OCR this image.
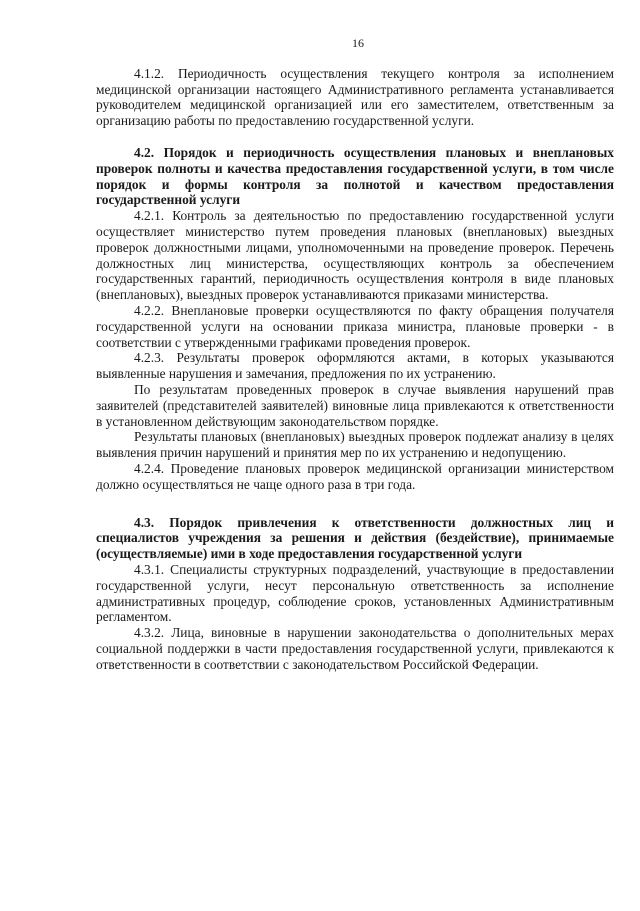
16

4.1.2. Периодичность осуществления текущего контроля за исполнением медицинской организации настоящего Административного регламента устанавливается руководителем медицинской организацией или его заместителем, ответственным за организацию работы по предоставлению государственной услуги.

4.2. Порядок и периодичность осуществления плановых и внеплановых проверок полноты и качества предоставления государственной услуги, в том числе порядок и формы контроля за полнотой и качеством предоставления государственной услуги

4.2.1. Контроль за деятельностью по предоставлению государственной услуги осуществляет министерство путем проведения плановых (внеплановых) выездных проверок должностными лицами, уполномоченными на проведение проверок. Перечень должностных лиц министерства, осуществляющих контроль за обеспечением государственных гарантий, периодичность осуществления контроля в виде плановых (внеплановых), выездных проверок устанавливаются приказами министерства.

4.2.2. Внеплановые проверки осуществляются по факту обращения получателя государственной услуги на основании приказа министра, плановые проверки - в соответствии с утвержденными графиками проведения проверок.

4.2.3. Результаты проверок оформляются актами, в которых указываются выявленные нарушения и замечания, предложения по их устранению.

По результатам проведенных проверок в случае выявления нарушений прав заявителей (представителей заявителей) виновные лица привлекаются к ответственности в установленном действующим законодательством порядке.

Результаты плановых (внеплановых) выездных проверок подлежат анализу в целях выявления причин нарушений и принятия мер по их устранению и недопущению.

4.2.4. Проведение плановых проверок медицинской организации министерством должно осуществляться не чаще одного раза в три года.

4.3. Порядок привлечения к ответственности должностных лиц и специалистов учреждения за решения и действия (бездействие), принимаемые (осуществляемые) ими в ходе предоставления государственной услуги

4.3.1. Специалисты структурных подразделений, участвующие в предоставлении государственной услуги, несут персональную ответственность за исполнение административных процедур, соблюдение сроков, установленных Административным регламентом.

4.3.2. Лица, виновные в нарушении законодательства о дополнительных мерах социальной поддержки в части предоставления государственной услуги, привлекаются к ответственности в соответствии с законодательством Российской Федерации.
